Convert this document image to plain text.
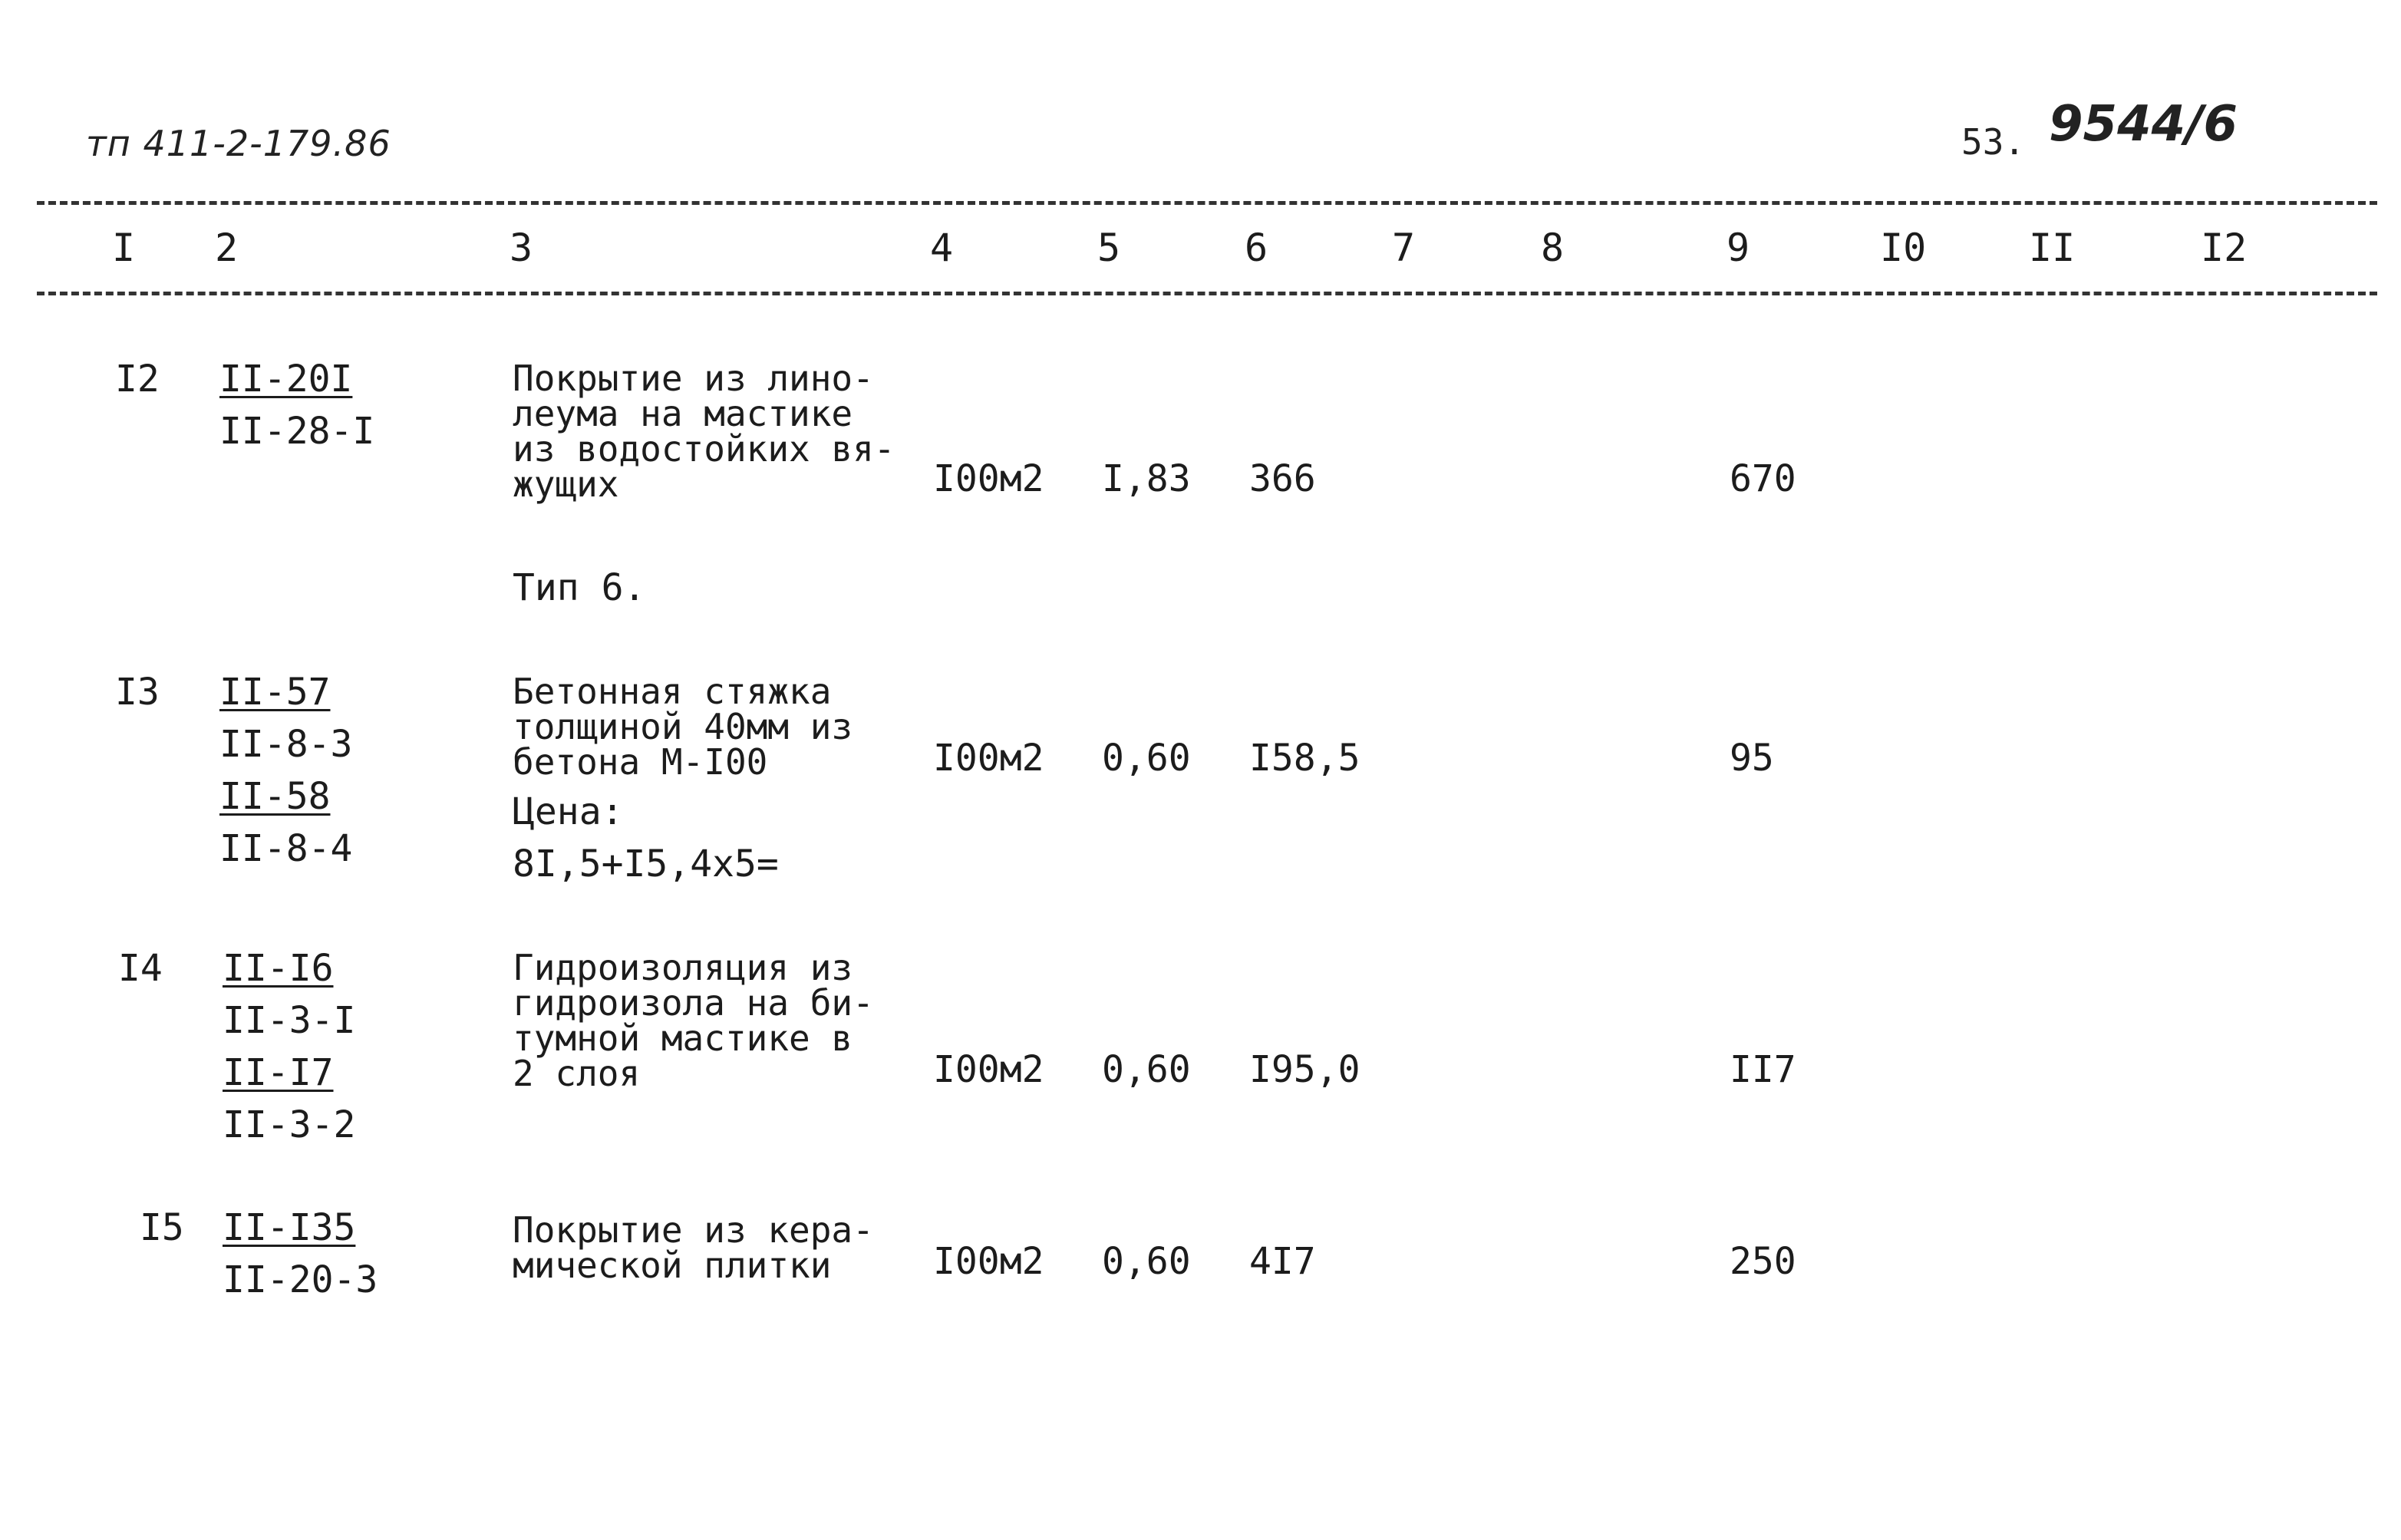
тп 411-2-179.86	53. 9544/6
I 2	3	4	5	6	7	8	9	I0	II	I2
I2 II-20I
II-28-I
Покрытие из лино-
леума на мастике
из водостойких вя-
жущих	I00м2 I,83 366	670
Тип 6.
I3 II-57
II-8-3
II-58
II-8-4
Бетонная стяжка
толщиной 40мм из
бетона М-I00
Цена:
8I,5+I5,4х5=
I00м2 0,60 I58,5	95
I4 II-I6
II-3-I
II-I7
II-3-2
Гидроизоляция из
гидроизола на би-
тумной мастике в
2 слоя	I00м2 0,60 I95,0	II7
I5 II-I35
II-20-3
Покрытие из кера-
мической плитки	I00м2 0,60 4I7	250
